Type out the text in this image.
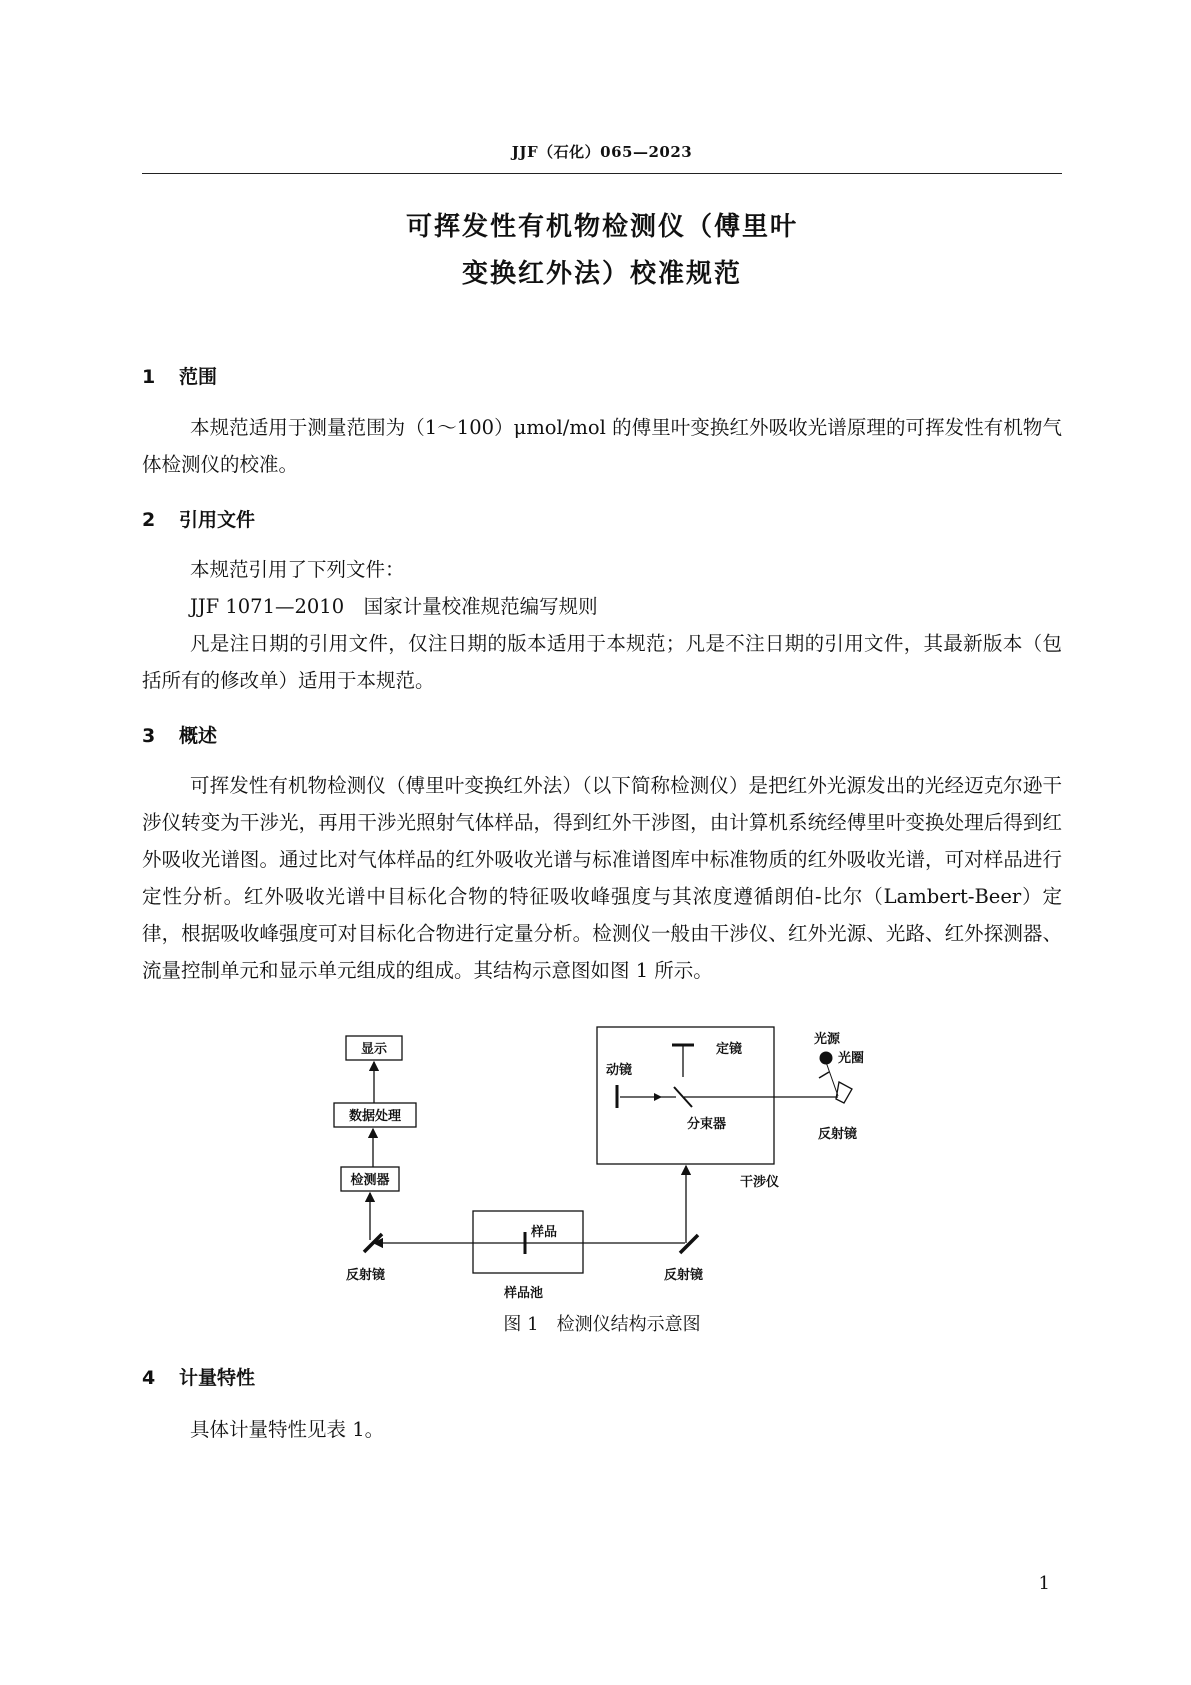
JJF（石化）065—2023
可挥发性有机物检测仪（傅里叶
变换红外法）校准规范
1 范围
本规范适用于测量范围为（1～100）μmol/mol 的傅里叶变换红外吸收光谱原理的可挥发性有机物气体检测仪的校准。
2 引用文件
本规范引用了下列文件：
JJF 1071—2010　国家计量校准规范编写规则
凡是注日期的引用文件，仅注日期的版本适用于本规范；凡是不注日期的引用文件，其最新版本（包括所有的修改单）适用于本规范。
3 概述
可挥发性有机物检测仪（傅里叶变换红外法）（以下简称检测仪）是把红外光源发出的光经迈克尔逊干涉仪转变为干涉光，再用干涉光照射气体样品，得到红外干涉图，由计算机系统经傅里叶变换处理后得到红外吸收光谱图。通过比对气体样品的红外吸收光谱与标准谱图库中标准物质的红外吸收光谱，可对样品进行定性分析。红外吸收光谱中目标化合物的特征吸收峰强度与其浓度遵循朗伯-比尔（Lambert-Beer）定律，根据吸收峰强度可对目标化合物进行定量分析。检测仪一般由干涉仪、红外光源、光路、红外探测器、流量控制单元和显示单元组成的组成。其结构示意图如图 1 所示。
显示
数据处理
检测器
反射镜
样品
样品池
反射镜
干涉仪
定镜
动镜
分束器
光源
光圈
反射镜
图 1　检测仪结构示意图
4 计量特性
具体计量特性见表 1。
1
